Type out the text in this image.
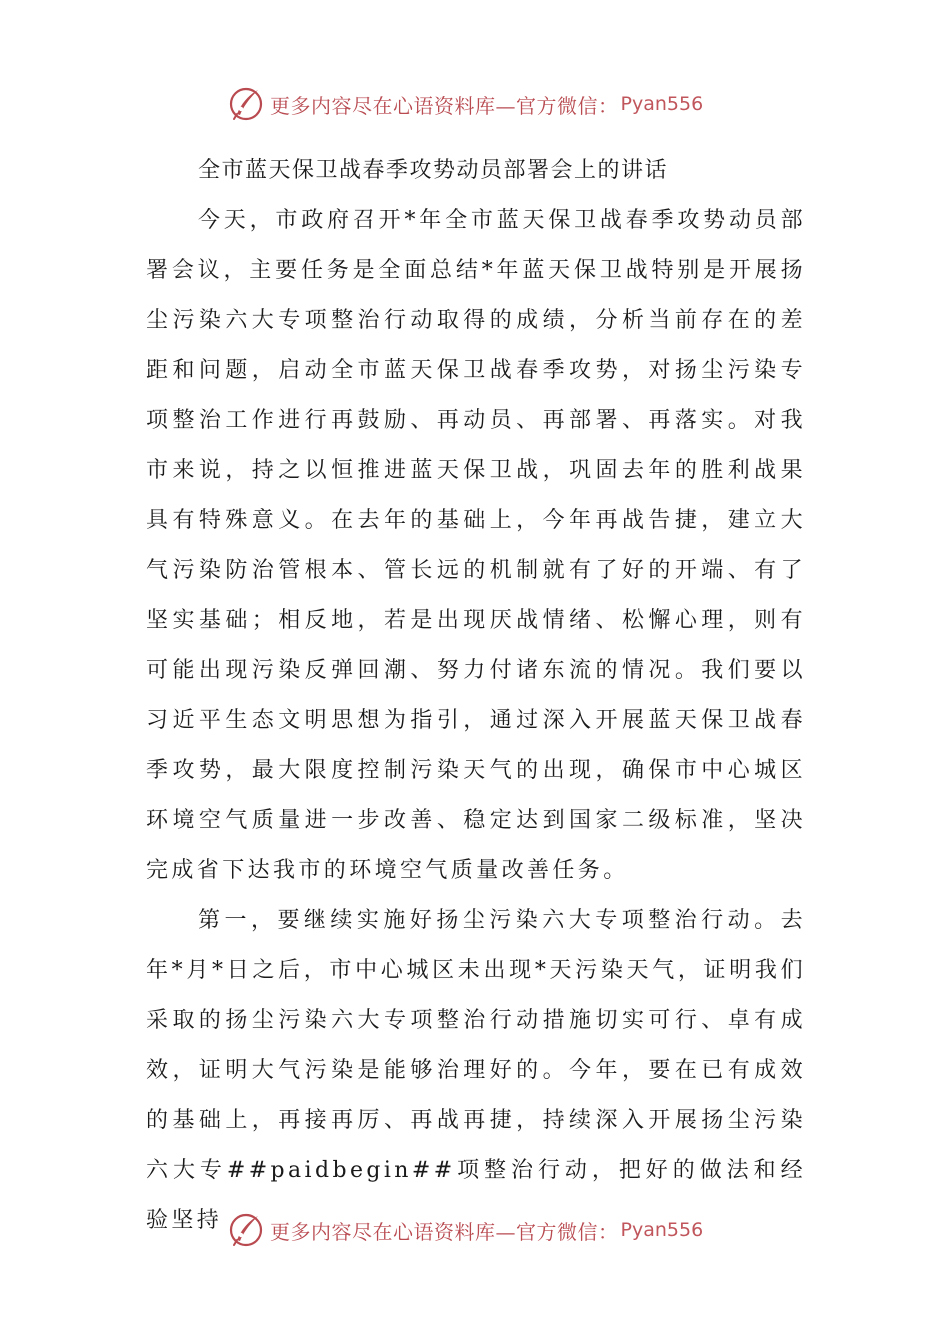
更多内容尽在心语资料库—官方微信： Pyan556
全市蓝天保卫战春季攻势动员部署会上的讲话

今天，市政府召开*年全市蓝天保卫战春季攻势动员部署会议，主要任务是全面总结*年蓝天保卫战特别是开展扬尘污染六大专项整治行动取得的成绩，分析当前存在的差距和问题，启动全市蓝天保卫战春季攻势，对扬尘污染专项整治工作进行再鼓励、再动员、再部署、再落实。对我市来说，持之以恒推进蓝天保卫战，巩固去年的胜利战果具有特殊意义。在去年的基础上，今年再战告捷，建立大气污染防治管根本、管长远的机制就有了好的开端、有了坚实基础；相反地，若是出现厌战情绪、松懈心理，则有可能出现污染反弹回潮、努力付诸东流的情况。我们要以习近平生态文明思想为指引，通过深入开展蓝天保卫战春季攻势，最大限度控制污染天气的出现，确保市中心城区环境空气质量进一步改善、稳定达到国家二级标准，坚决完成省下达我市的环境空气质量改善任务。

第一，要继续实施好扬尘污染六大专项整治行动。去年*月*日之后，市中心城区未出现*天污染天气，证明我们采取的扬尘污染六大专项整治行动措施切实可行、卓有成效，证明大气污染是能够治理好的。今年，要在已有成效的基础上，再接再厉、再战再捷，持续深入开展扬尘污染六大专##paidbegin##项整治行动，把好的做法和经验坚持	更多内容尽在心语资料库—官方微信： Pyan556
